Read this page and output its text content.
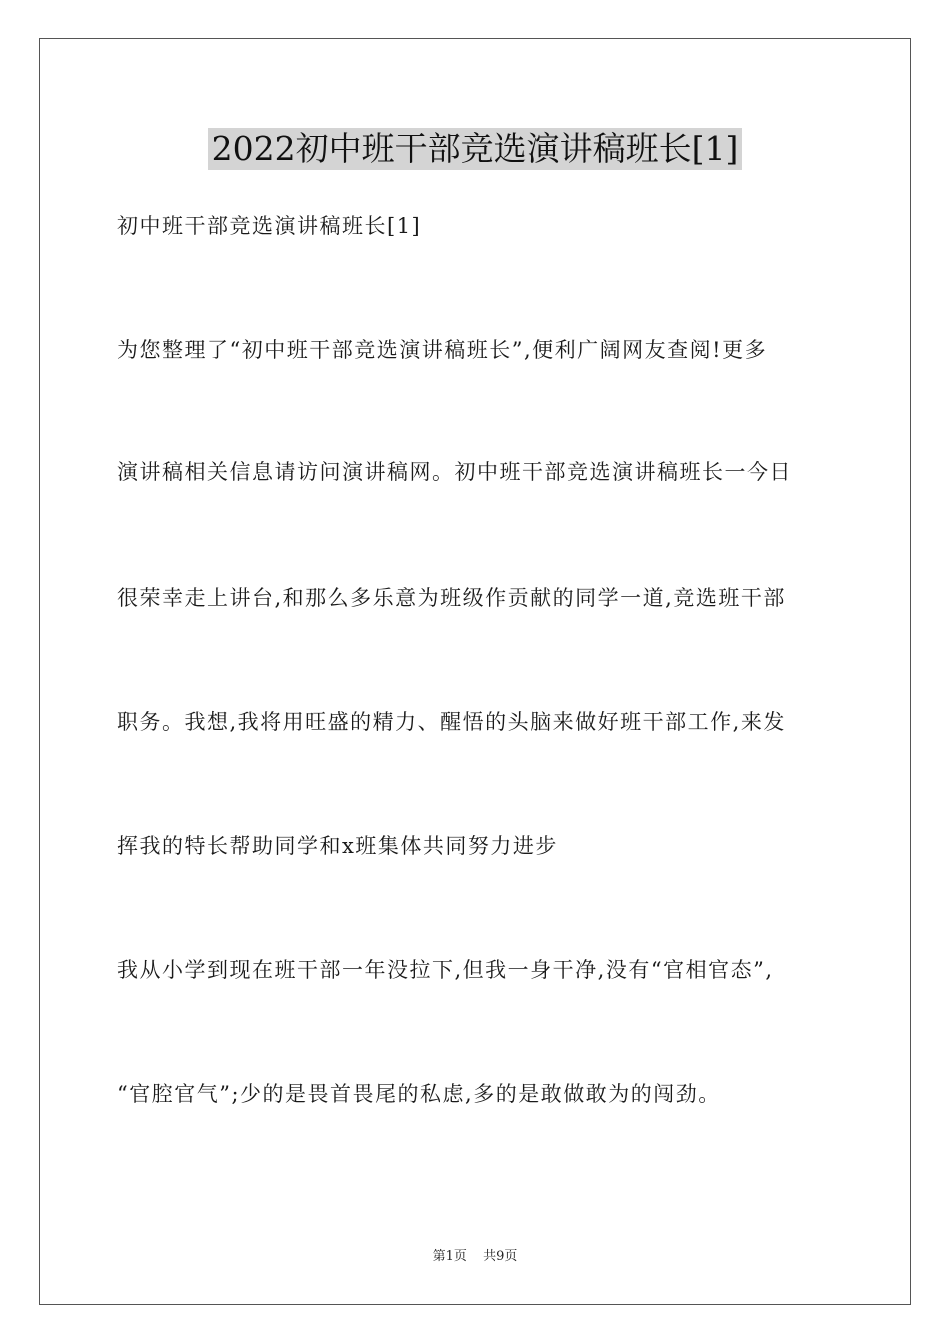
2022初中班干部竞选演讲稿班长[1]
初中班干部竞选演讲稿班长[1]
为您整理了“初中班干部竞选演讲稿班长”,便利广阔网友查阅!更多
演讲稿相关信息请访问演讲稿网。初中班干部竞选演讲稿班长一今日
很荣幸走上讲台,和那么多乐意为班级作贡献的同学一道,竞选班干部
职务。我想,我将用旺盛的精力、醒悟的头脑来做好班干部工作,来发
挥我的特长帮助同学和x班集体共同努力进步
我从小学到现在班干部一年没拉下,但我一身干净,没有“官相官态”,
“官腔官气”;少的是畏首畏尾的私虑,多的是敢做敢为的闯劲。
第1页 共9页
